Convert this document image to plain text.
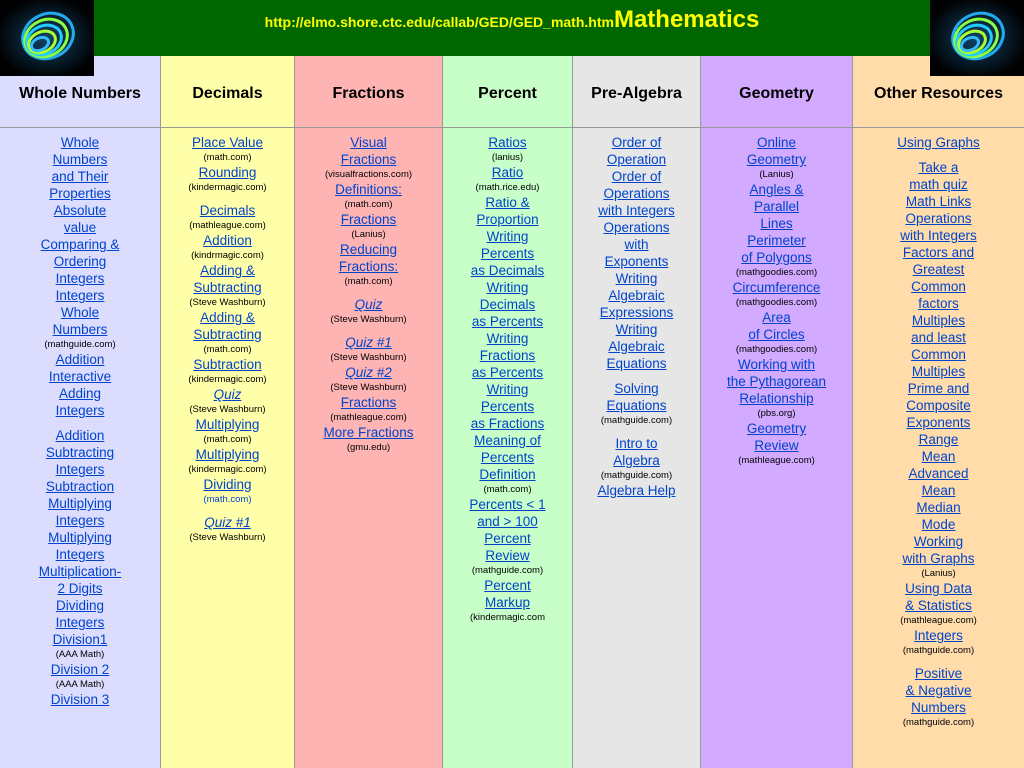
http://elmo.shore.ctc.edu/callab/GED/GED_math.htmMathematics
Whole Numbers
Whole
Numbers
and Their
Properties
Absolute
value
Comparing &
Ordering
Integers
Integers
Whole
Numbers
(mathguide.com)
Addition
Interactive
Adding
Integers
Addition
Subtracting
Integers
Subtraction
Multiplying
Integers
Multiplying
Integers
Multiplication-
2 Digits
Dividing
Integers
Division1
(AAA Math)
Division 2
(AAA Math)
Division 3
Decimals
Place Value
(math.com)
Rounding
(kindermagic.com)
Decimals
(mathleague.com)
Addition
(kindrmagic.com)
Adding &
Subtracting
(Steve Washburn)
Adding &
Subtracting
(math.com)
Subtraction
(kindermagic.com)
Quiz
(Steve Washburn)
Multiplying
(math.com)
Multiplying
(kindermagic.com)
Dividing
(math.com)
Quiz #1
(Steve Washburn)
Fractions
Visual
Fractions
(visualfractions.com)
Definitions:
(math.com)
Fractions
(Lanius)
Reducing
Fractions:
(math.com)
Quiz
(Steve Washburn)
Quiz #1
(Steve Washburn)
Quiz #2
(Steve Washburn)
Fractions
(mathleague.com)
More Fractions
(gmu.edu)
Percent
Ratios
(lanius)
Ratio
(math.rice.edu)
Ratio &
Proportion
Writing
Percents
as Decimals
Writing
Decimals
as Percents
Writing
Fractions
as Percents
Writing
Percents
as Fractions
Meaning of
Percents
Definition
(math.com)
Percents < 1
and > 100
Percent
Review
(mathguide.com)
Percent
Markup
(kindermagic.com
Pre-Algebra
Order of
Operation
Order of
Operations
with Integers
Operations
with
Exponents
Writing
Algebraic
Expressions
Writing
Algebraic
Equations
Solving
Equations
(mathguide.com)
Intro to
Algebra
(mathguide.com)
Algebra Help
Geometry
Online
Geometry
(Lanius)
Angles &
Parallel
Lines
Perimeter
of Polygons
(mathgoodies.com)
Circumference
(mathgoodies.com)
Area
of Circles
(mathgoodies.com)
Working with
the Pythagorean
Relationship
(pbs.org)
Geometry
Review
(mathleague.com)
Other Resources
Using Graphs
Take a
math quiz
Math Links
Operations
with Integers
Factors and
Greatest
Common
factors
Multiples
and least
Common
Multiples
Prime and
Composite
Exponents
Range
Mean
Advanced
Mean
Median
Mode
Working
with Graphs
(Lanius)
Using Data
& Statistics
(mathleague.com)
Integers
(mathguide.com)
Positive
& Negative
Numbers
(mathguide.com)
